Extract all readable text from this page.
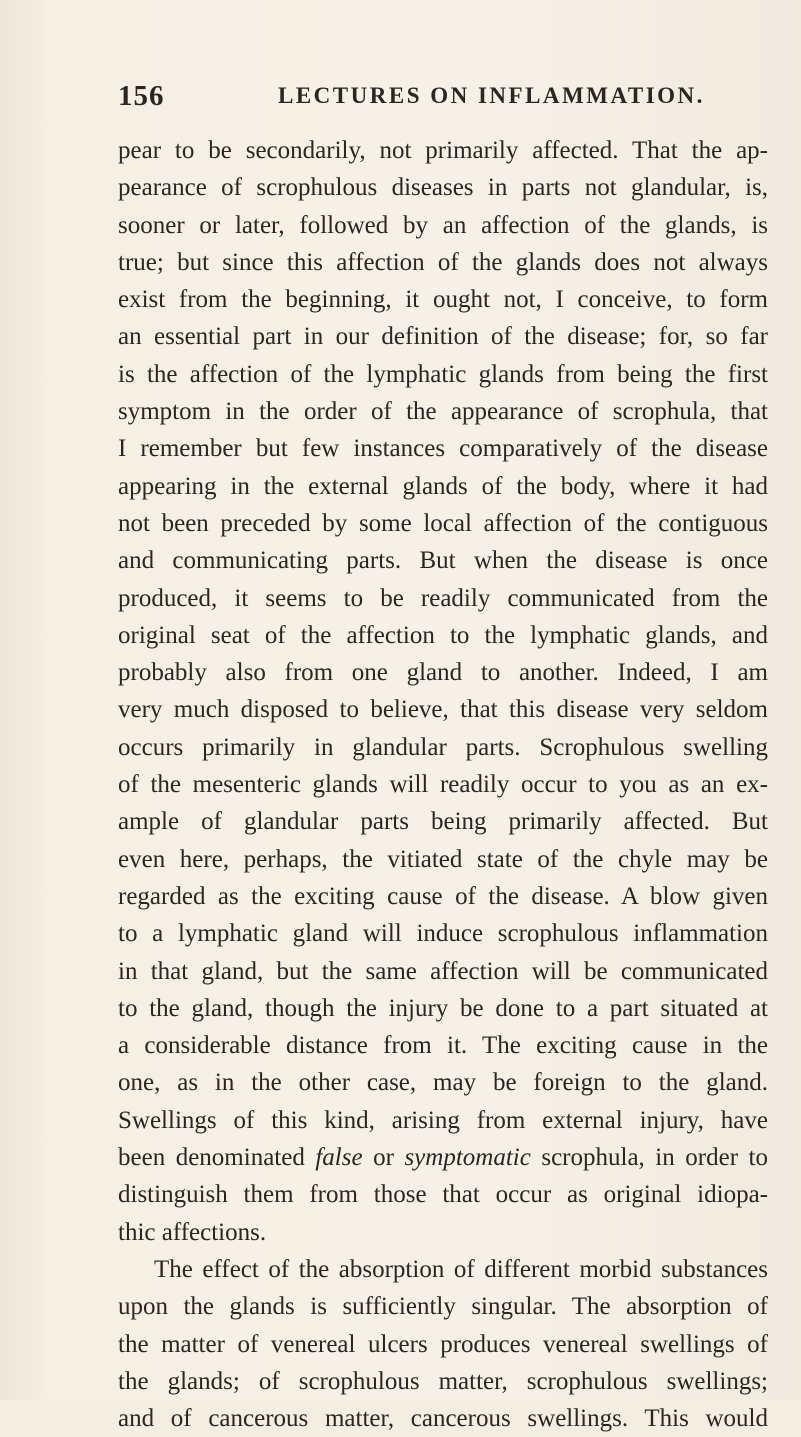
156	LECTURES ON INFLAMMATION.
pear to be secondarily, not primarily affected. That the ap-
pearance of scrophulous diseases in parts not glandular, is,
sooner or later, followed by an affection of the glands, is
true; but since this affection of the glands does not always
exist from the beginning, it ought not, I conceive, to form
an essential part in our definition of the disease; for, so far
is the affection of the lymphatic glands from being the first
symptom in the order of the appearance of scrophula, that
I remember but few instances comparatively of the disease
appearing in the external glands of the body, where it had
not been preceded by some local affection of the contiguous
and communicating parts. But when the disease is once
produced, it seems to be readily communicated from the
original seat of the affection to the lymphatic glands, and
probably also from one gland to another. Indeed, I am
very much disposed to believe, that this disease very seldom
occurs primarily in glandular parts. Scrophulous swelling
of the mesenteric glands will readily occur to you as an ex-
ample of glandular parts being primarily affected. But
even here, perhaps, the vitiated state of the chyle may be
regarded as the exciting cause of the disease. A blow given
to a lymphatic gland will induce scrophulous inflammation
in that gland, but the same affection will be communicated
to the gland, though the injury be done to a part situated at
a considerable distance from it. The exciting cause in the
one, as in the other case, may be foreign to the gland.
Swellings of this kind, arising from external injury, have
been denominated false or symptomatic scrophula, in order to
distinguish them from those that occur as original idiopa-
thic affections.
The effect of the absorption of different morbid substances
upon the glands is sufficiently singular. The absorption of
the matter of venereal ulcers produces venereal swellings of
the glands; of scrophulous matter, scrophulous swellings;
and of cancerous matter, cancerous swellings. This would
